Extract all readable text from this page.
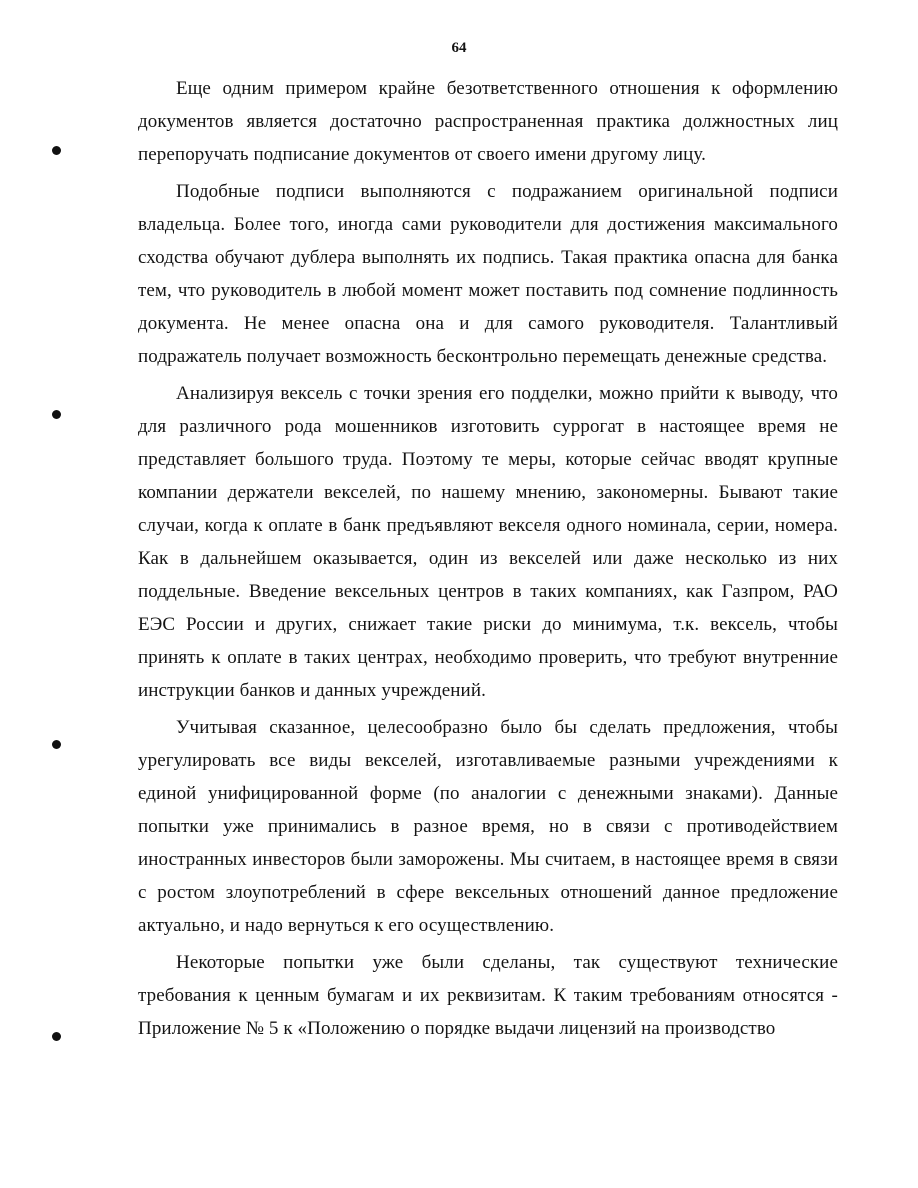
64

Еще одним примером крайне безответственного отношения к оформлению документов является достаточно распространенная практика должностных лиц перепоручать подписание документов от своего имени другому лицу.

Подобные подписи выполняются с подражанием оригинальной подписи владельца. Более того, иногда сами руководители для достижения максимального сходства обучают дублера выполнять их подпись. Такая практика опасна для банка тем, что руководитель в любой момент может поставить под сомнение подлинность документа. Не менее опасна она и для самого руководителя. Талантливый подражатель получает возможность бесконтрольно перемещать денежные средства.

Анализируя вексель с точки зрения его подделки, можно прийти к выводу, что для различного рода мошенников изготовить суррогат в настоящее время не представляет большого труда. Поэтому те меры, которые сейчас вводят крупные компании держатели векселей, по нашему мнению, закономерны. Бывают такие случаи, когда к оплате в банк предъявляют векселя одного номинала, серии, номера. Как в дальнейшем оказывается, один из векселей или даже несколько из них поддельные. Введение вексельных центров в таких компаниях, как Газпром, РАО ЕЭС России и других, снижает такие риски до минимума, т.к. вексель, чтобы принять к оплате в таких центрах, необходимо проверить, что требуют внутренние инструкции банков и данных учреждений.

Учитывая сказанное, целесообразно было бы сделать предложения, чтобы урегулировать все виды векселей, изготавливаемые разными учреждениями к единой унифицированной форме (по аналогии с денежными знаками). Данные попытки уже принимались в разное время, но в связи с противодействием иностранных инвесторов были заморожены. Мы считаем, в настоящее время в связи с ростом злоупотреблений в сфере вексельных отношений данное предложение актуально, и надо вернуться к его осуществлению.

Некоторые попытки уже были сделаны, так существуют технические требования к ценным бумагам и их реквизитам. К таким требованиям относятся - Приложение № 5 к «Положению о порядке выдачи лицензий на производство
